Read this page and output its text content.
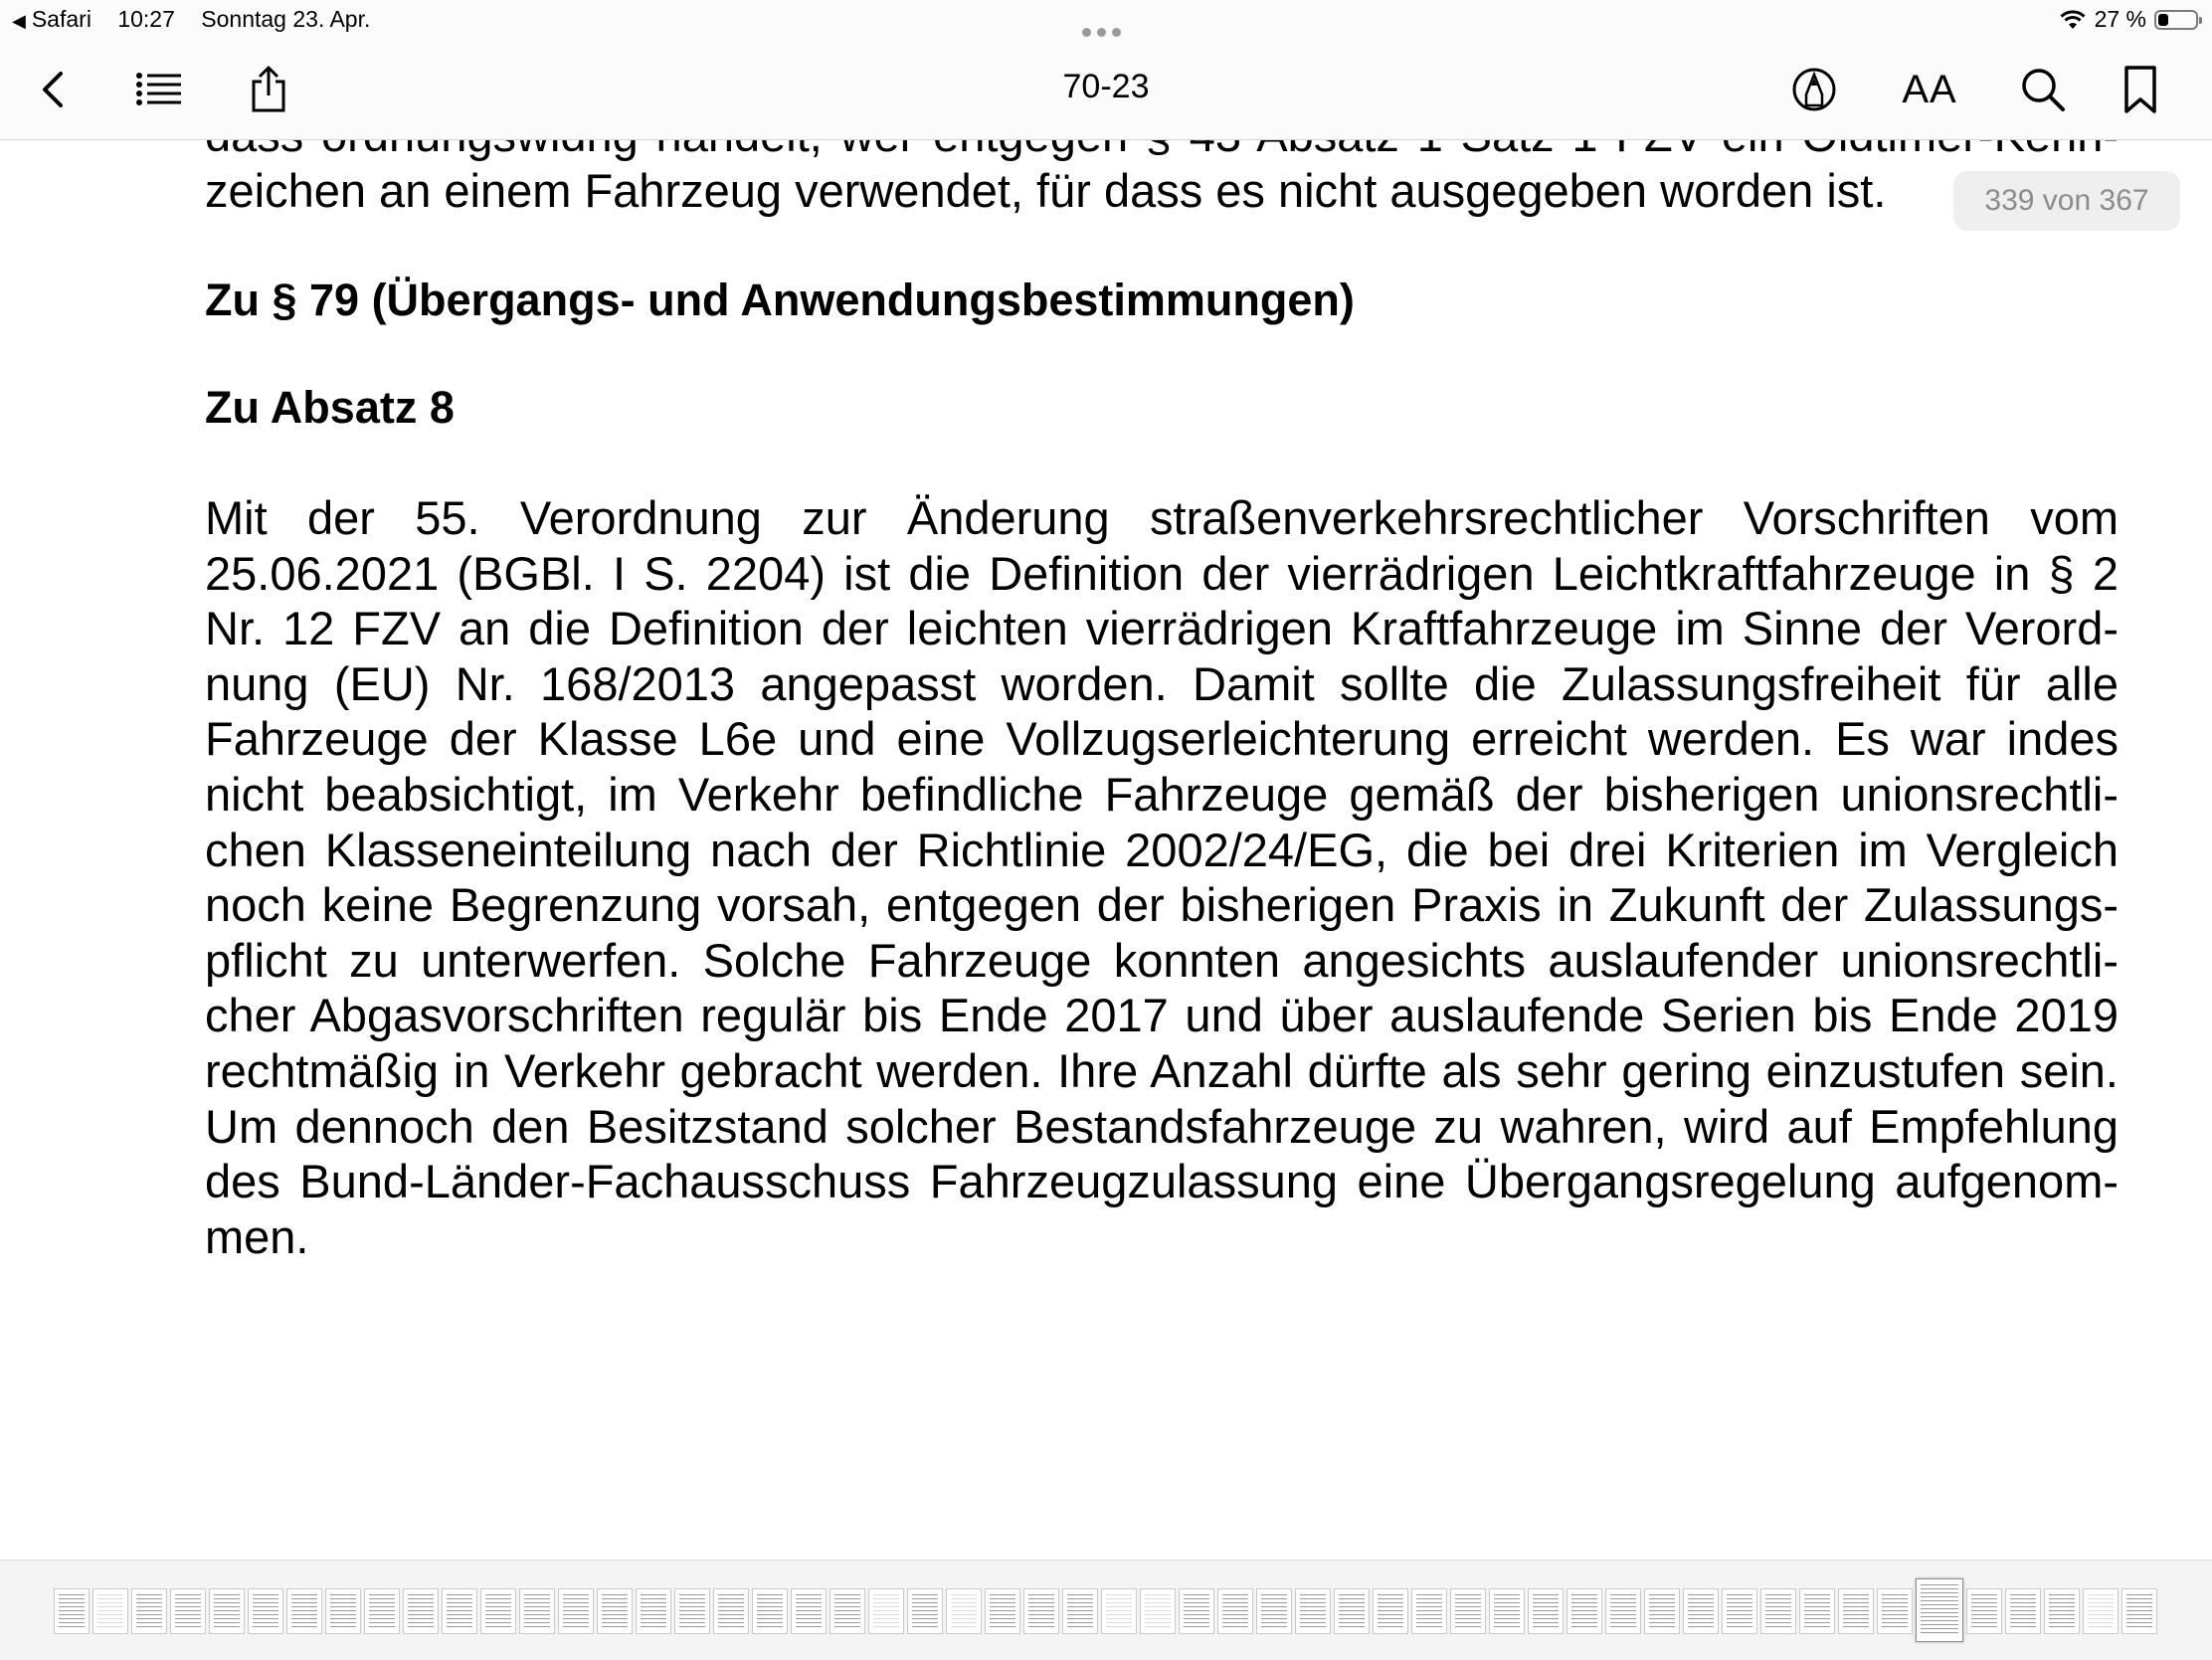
◀ Safari 10:27 Sonntag 23. Apr.	27 %
70-23	AA
zeichen an einem Fahrzeug verwendet, für dass es nicht ausgegeben worden ist.	339 von 367
Zu § 79 (Übergangs- und Anwendungsbestimmungen)
Zu Absatz 8
Mit der 55. Verordnung zur Änderung straßenverkehrsrechtlicher Vorschriften vom
25.06.2021 (BGBl. I S. 2204) ist die Definition der vierrädrigen Leichtkraftfahrzeuge in § 2
Nr. 12 FZV an die Definition der leichten vierrädrigen Kraftfahrzeuge im Sinne der Verord-
nung (EU) Nr. 168/2013 angepasst worden. Damit sollte die Zulassungsfreiheit für alle
Fahrzeuge der Klasse L6e und eine Vollzugserleichterung erreicht werden. Es war indes
nicht beabsichtigt, im Verkehr befindliche Fahrzeuge gemäß der bisherigen unionsrechtli-
chen Klasseneinteilung nach der Richtlinie 2002/24/EG, die bei drei Kriterien im Vergleich
noch keine Begrenzung vorsah, entgegen der bisherigen Praxis in Zukunft der Zulassungs-
pflicht zu unterwerfen. Solche Fahrzeuge konnten angesichts auslaufender unionsrechtli-
cher Abgasvorschriften regulär bis Ende 2017 und über auslaufende Serien bis Ende 2019
rechtmäßig in Verkehr gebracht werden. Ihre Anzahl dürfte als sehr gering einzustufen sein.
Um dennoch den Besitzstand solcher Bestandsfahrzeuge zu wahren, wird auf Empfehlung
des Bund-Länder-Fachausschuss Fahrzeugzulassung eine Übergangsregelung aufgenom-
men.
